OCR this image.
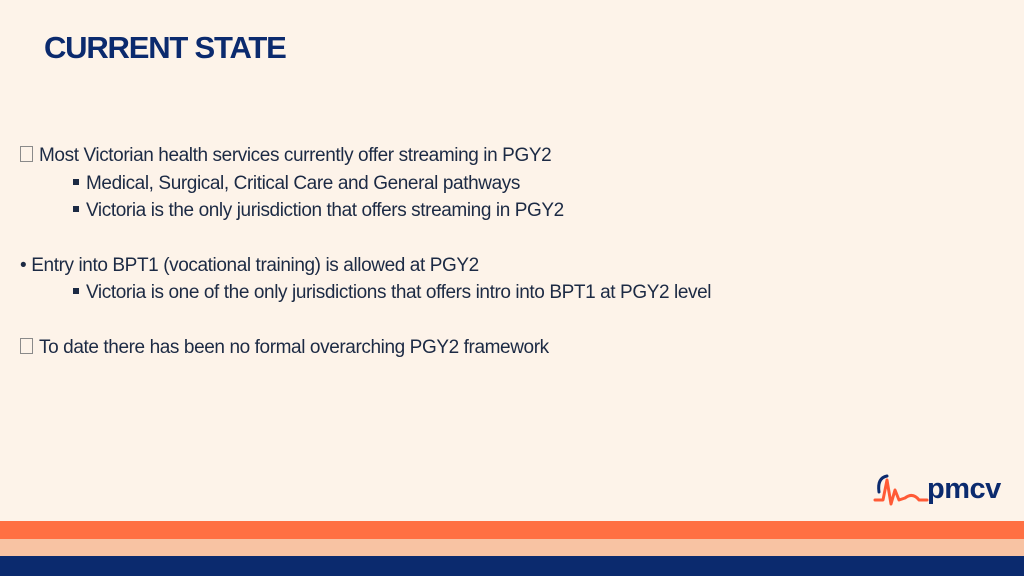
CURRENT STATE
Most Victorian health services currently offer streaming in PGY2
Medical, Surgical, Critical Care and General pathways
Victoria is the only jurisdiction that offers streaming in PGY2
• Entry into BPT1 (vocational training) is allowed at PGY2
Victoria is one of the only jurisdictions that offers intro into BPT1 at PGY2 level
To date there has been no formal overarching PGY2 framework
pmcv
